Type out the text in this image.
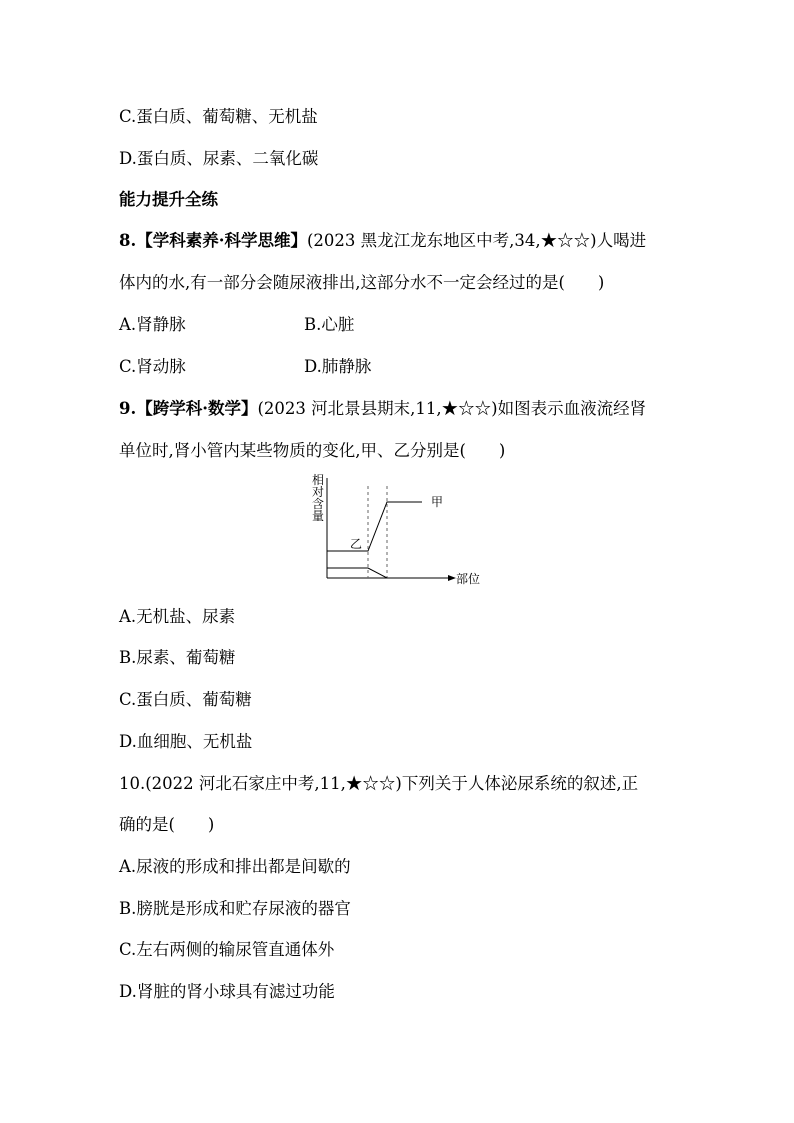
C.蛋白质、葡萄糖、无机盐
D.蛋白质、尿素、二氧化碳
能力提升全练
8.【学科素养·科学思维】(2023 黑龙江龙东地区中考,34,★☆☆)人喝进
体内的水,有一部分会随尿液排出,这部分水不一定会经过的是(　　)
A.肾静脉	B.心脏
C.肾动脉	D.肺静脉
9.【跨学科·数学】(2023 河北景县期末,11,★☆☆)如图表示血液流经肾
单位时,肾小管内某些物质的变化,甲、乙分别是(　　)
相
对
含
量
部位
甲
乙
A.无机盐、尿素
B.尿素、葡萄糖
C.蛋白质、葡萄糖
D.血细胞、无机盐
10.(2022 河北石家庄中考,11,★☆☆)下列关于人体泌尿系统的叙述,正
确的是(　　)
A.尿液的形成和排出都是间歇的
B.膀胱是形成和贮存尿液的器官
C.左右两侧的输尿管直通体外
D.肾脏的肾小球具有滤过功能
